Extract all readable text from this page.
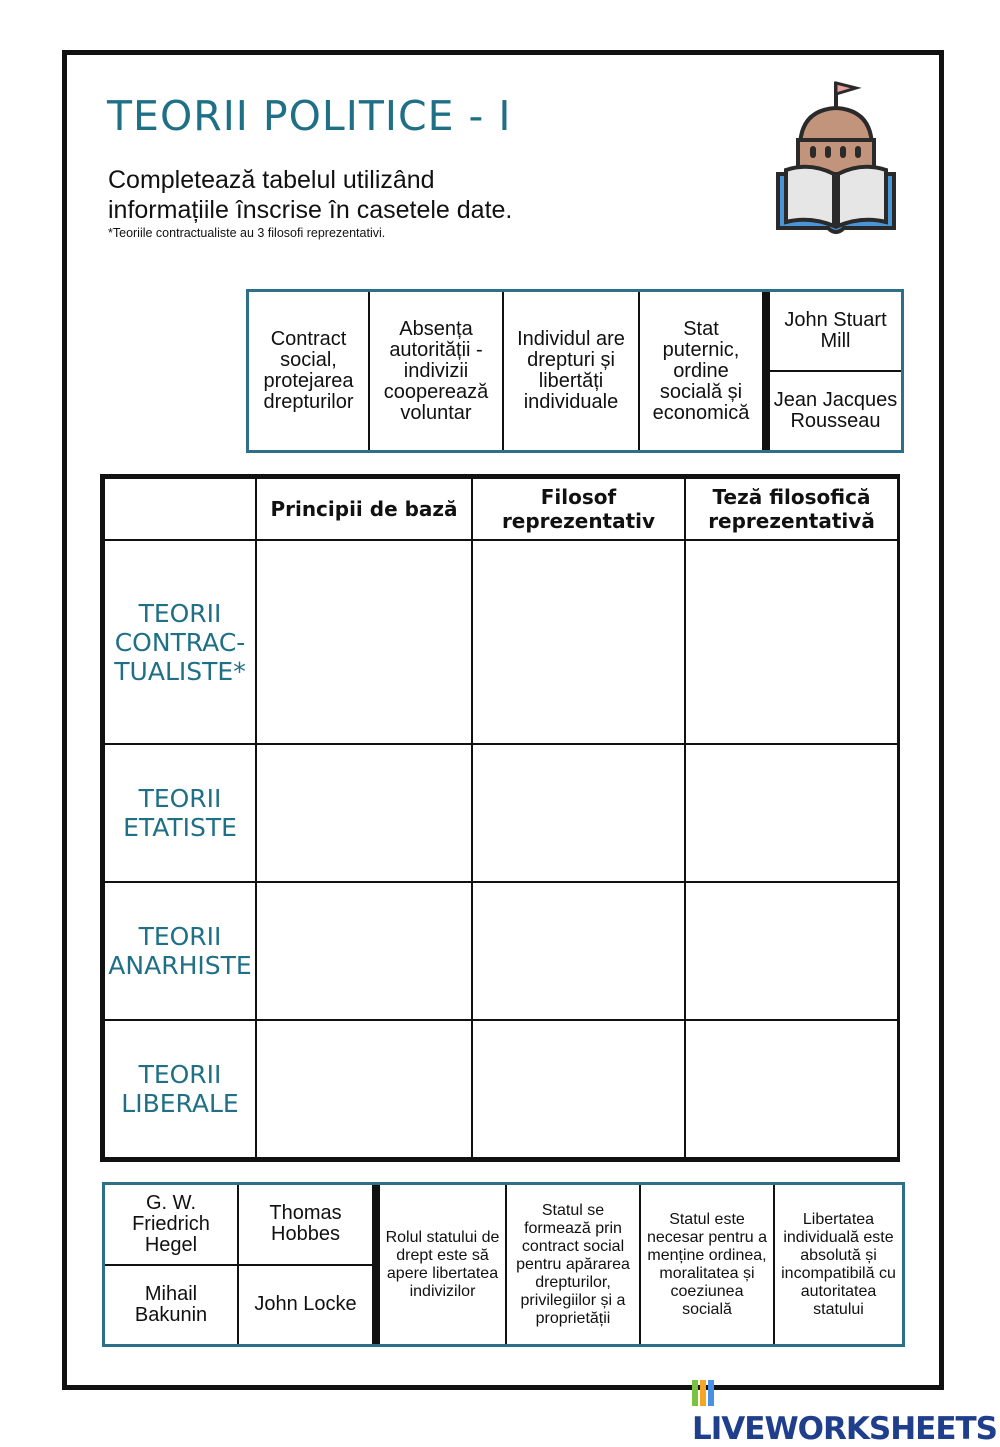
TEORII POLITICE - I
Completează tabelul utilizând
informațiile înscrise în casetele date.
*Teoriile contractualiste au 3 filosofi reprezentativi.
Contract social, protejarea drepturilor
Absența autorității - indivizii cooperează voluntar
Individul are drepturi și libertăți individuale
Stat puternic, ordine socială și economică
John Stuart Mill
Jean Jacques Rousseau
	Principii de bază	Filosof reprezentativ	Teză filosofică reprezentativă
TEORII CONTRAC-TUALISTE*			
TEORII ETATISTE			
TEORII ANARHISTE			
TEORII LIBERALE			
G. W. Friedrich Hegel
Mihail Bakunin
Thomas Hobbes
John Locke
Rolul statului de drept este să apere libertatea indivizilor
Statul se formează prin contract social pentru apărarea drepturilor, privilegiilor și a proprietății
Statul este necesar pentru a menține ordinea, moralitatea și coeziunea socială
Libertatea individuală este absolută și incompatibilă cu autoritatea statului
LIVEWORKSHEETS
